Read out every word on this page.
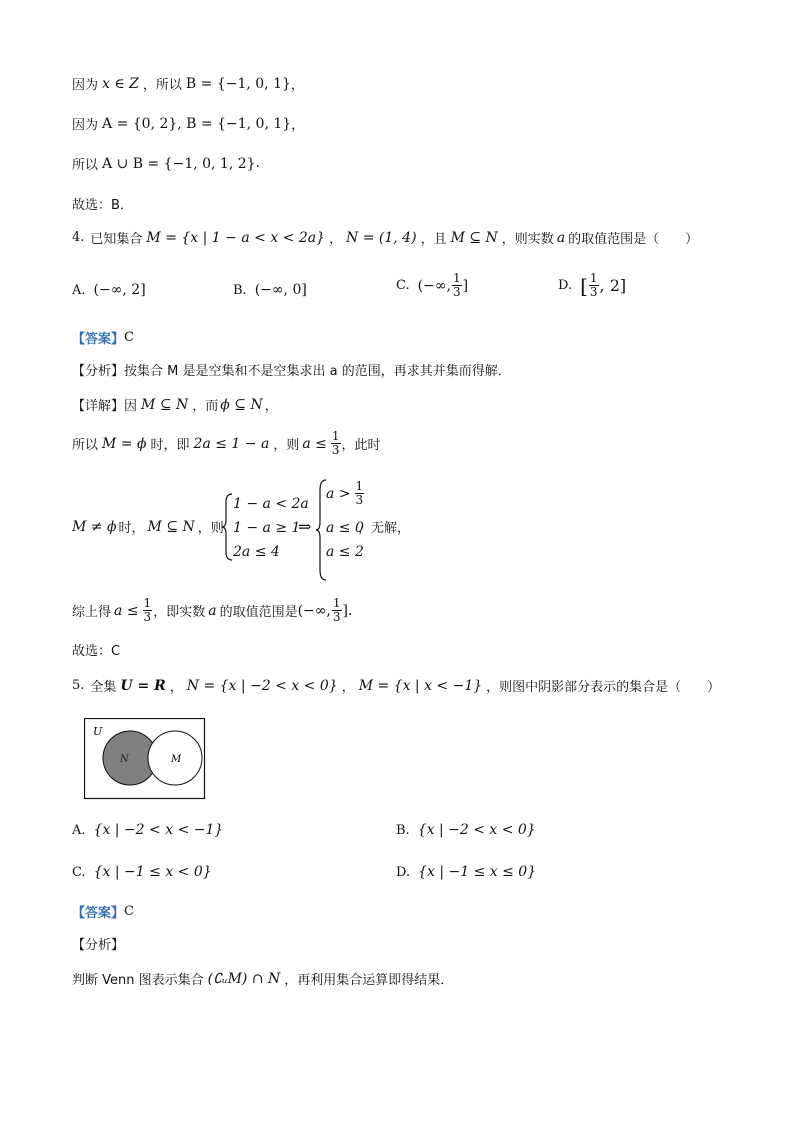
因为 x ∈ Z ，所以 B = {−1, 0, 1} ，
因为 A = {0, 2}, B = {−1, 0, 1} ，
所以 A ∪ B = {−1, 0, 1, 2} .
故选：B．
4. 已知集合 M = {x | 1 − a < x < 2a} ， N = (1, 4) ，且 M ⊆ N ，则实数 a 的取值范围是（　　）
A. (−∞, 2]	B. (−∞, 0]	C. (−∞, $\frac{1}{3}$ ]	D. [ $\frac{1}{3}$ , 2]
【答案】 C
【分析】 按集合 M 是是空集和不是空集求出 a 的范围，再求其并集而得解．
【详解】 因 M ⊆ N ，而 ϕ ⊆ N ，
所以 M = ϕ 时，即 2a ≤ 1 − a ，则 $a \le \frac{1}{3}$ ，此时
M ≠ ϕ 时， M ⊆ N ，则
1 − a < 2a
1 − a ≥ 1
2a ≤ 4
⇒
$a > \frac{1}{3}$
a ≤ 0
a ≤ 2
，无解，
综上得 $a \le \frac{1}{3}$ ，即实数 a 的取值范围是 (−∞, $\frac{1}{3}$ ].
故选：C
5. 全集 U = R ， N = {x | −2 < x < 0} ， M = {x | x < −1} ，则图中阴影部分表示的集合是（　　）
U
N	M
A. {x | −2 < x < −1}	B. {x | −2 < x < 0}
C. {x | −1 ≤ x < 0}	D. {x | −1 ≤ x ≤ 0}
【答案】 C
【分析】
判断 Venn 图表示集合 (∁ᵤM) ∩ N ，再利用集合运算即得结果．
